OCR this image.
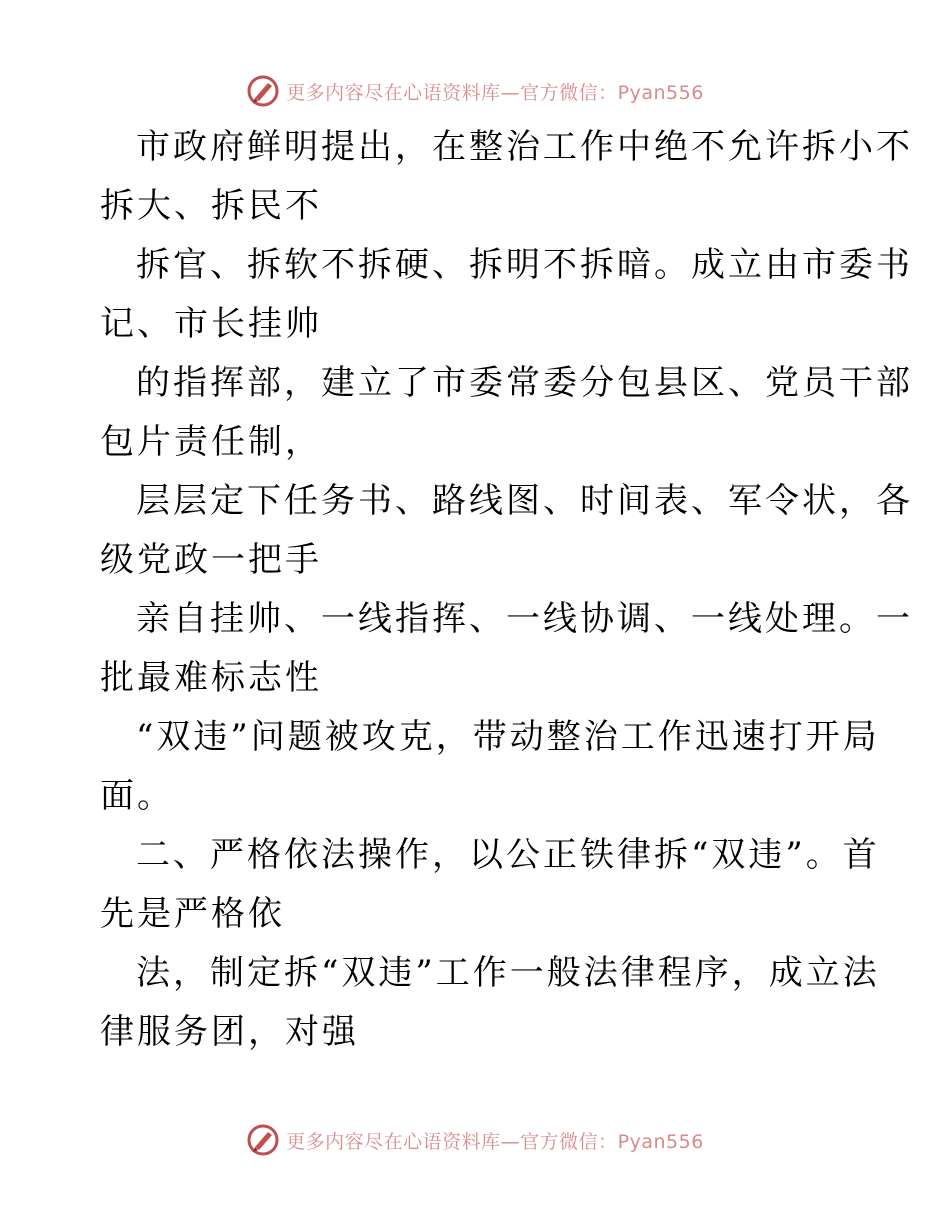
更多内容尽在心语资料库—官方微信：Pyan556
市政府鲜明提出，在整治工作中绝不允许拆小不
拆大、拆民不
拆官、拆软不拆硬、拆明不拆暗。成立由市委书
记、市长挂帅
的指挥部，建立了市委常委分包县区、党员干部
包片责任制，
层层定下任务书、路线图、时间表、军令状，各
级党政一把手
亲自挂帅、一线指挥、一线协调、一线处理。一
批最难标志性
“双违”问题被攻克，带动整治工作迅速打开局
面。
二、严格依法操作，以公正铁律拆“双违”。首
先是严格依
法，制定拆“双违”工作一般法律程序，成立法
律服务团，对强
更多内容尽在心语资料库—官方微信：Pyan556
